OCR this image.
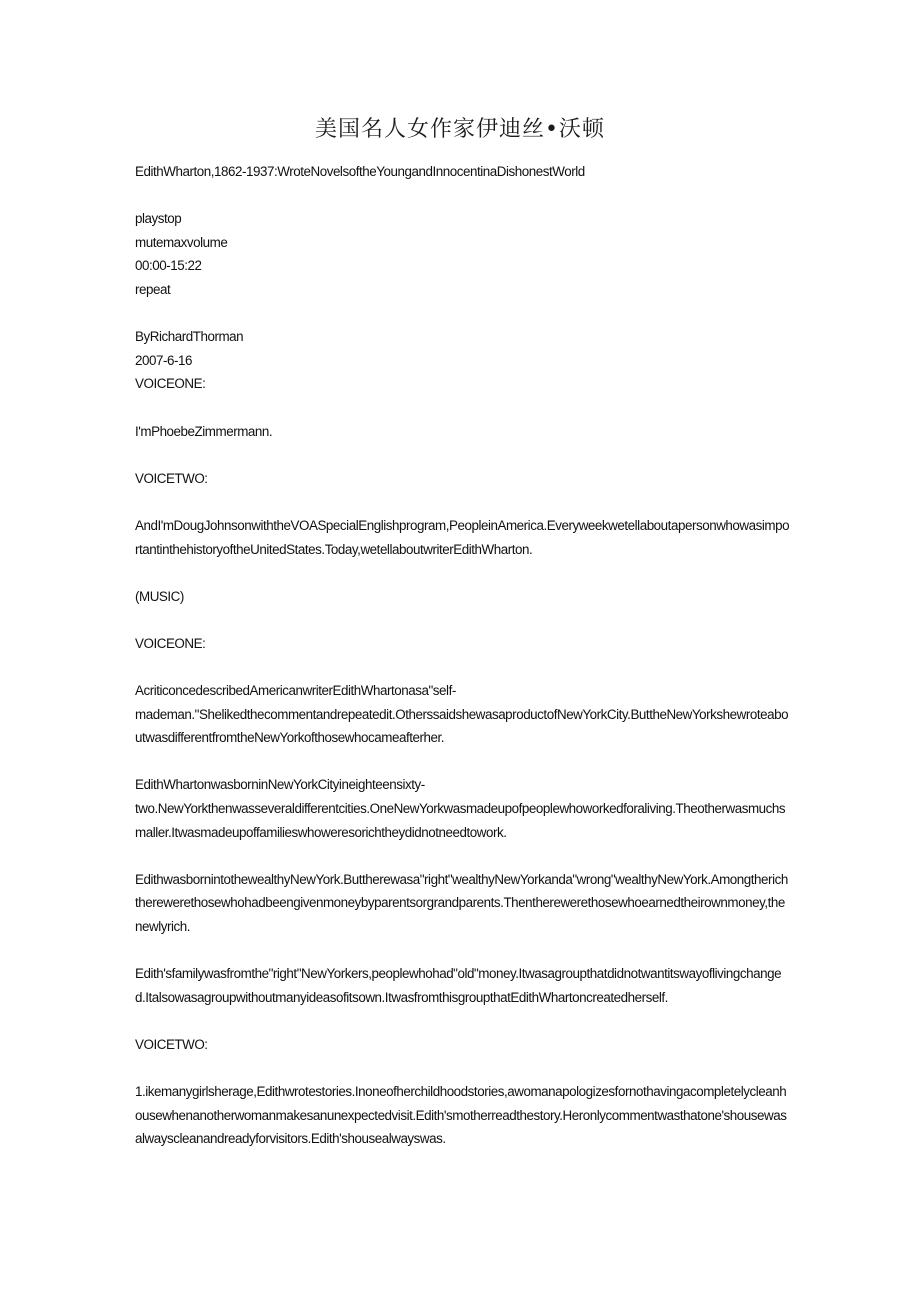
美国名人女作家伊迪丝•沃顿

EdithWharton,1862-1937:WroteNovelsoftheYoungandInnocentinaDishonestWorld

playstop

mutemaxvolume

00:00-15:22

repeat

ByRichardThorman

2007-6-16

VOICEONE:

I'mPhoebeZimmermann.

VOICETWO:

AndI'mDougJohnsonwiththeVOASpecialEnglishprogram,PeopleinAmerica.EveryweekwetellaboutapersonwhowasimportantinthehistoryoftheUnitedStates.Today,wetellaboutwriterEdithWharton.

(MUSIC)

VOICEONE:

AcriticoncedescribedAmericanwriterEdithWhartonasa"self-

mademan."Shelikedthecommentandrepeatedit.OtherssaidshewasaproductofNewYorkCity.ButtheNewYorkshewroteaboutwasdifferentfromtheNewYorkofthosewhocameafterher.

EdithWhartonwasborninNewYorkCityineighteensixty-

two.NewYorkthenwasseveraldifferentcities.OneNewYorkwasmadeupofpeoplewhoworkedforaliving.Theotherwasmuchsmaller.Itwasmadeupoffamilieswhoweresorichtheydidnotneedtowork.

EdithwasbornintothewealthyNewYork.Buttherewasa"right"wealthyNewYorkanda"wrong"wealthyNewYork.Amongtherichtherewerethosewhohadbeengivenmoneybyparentsorgrandparents.Thentherewerethosewhoearnedtheirownmoney,thenewlyrich.

Edith'sfamilywasfromthe"right"NewYorkers,peoplewhohad"old"money.Itwasagroupthatdidnotwantitswayoflivingchanged.Italsowasagroupwithoutmanyideasofitsown.ItwasfromthisgroupthatEdithWhartoncreatedherself.

VOICETWO:

1.ikemanygirlsherage,Edithwrotestories.Inoneofherchildhoodstories,awomanapologizesfornothavingacompletelycleanhousewhenanotherwomanmakesanunexpectedvisit.Edith'smotherreadthestory.Heronlycommentwasthatone'shousewasalwayscleanandreadyforvisitors.Edith'shousealwayswas.
